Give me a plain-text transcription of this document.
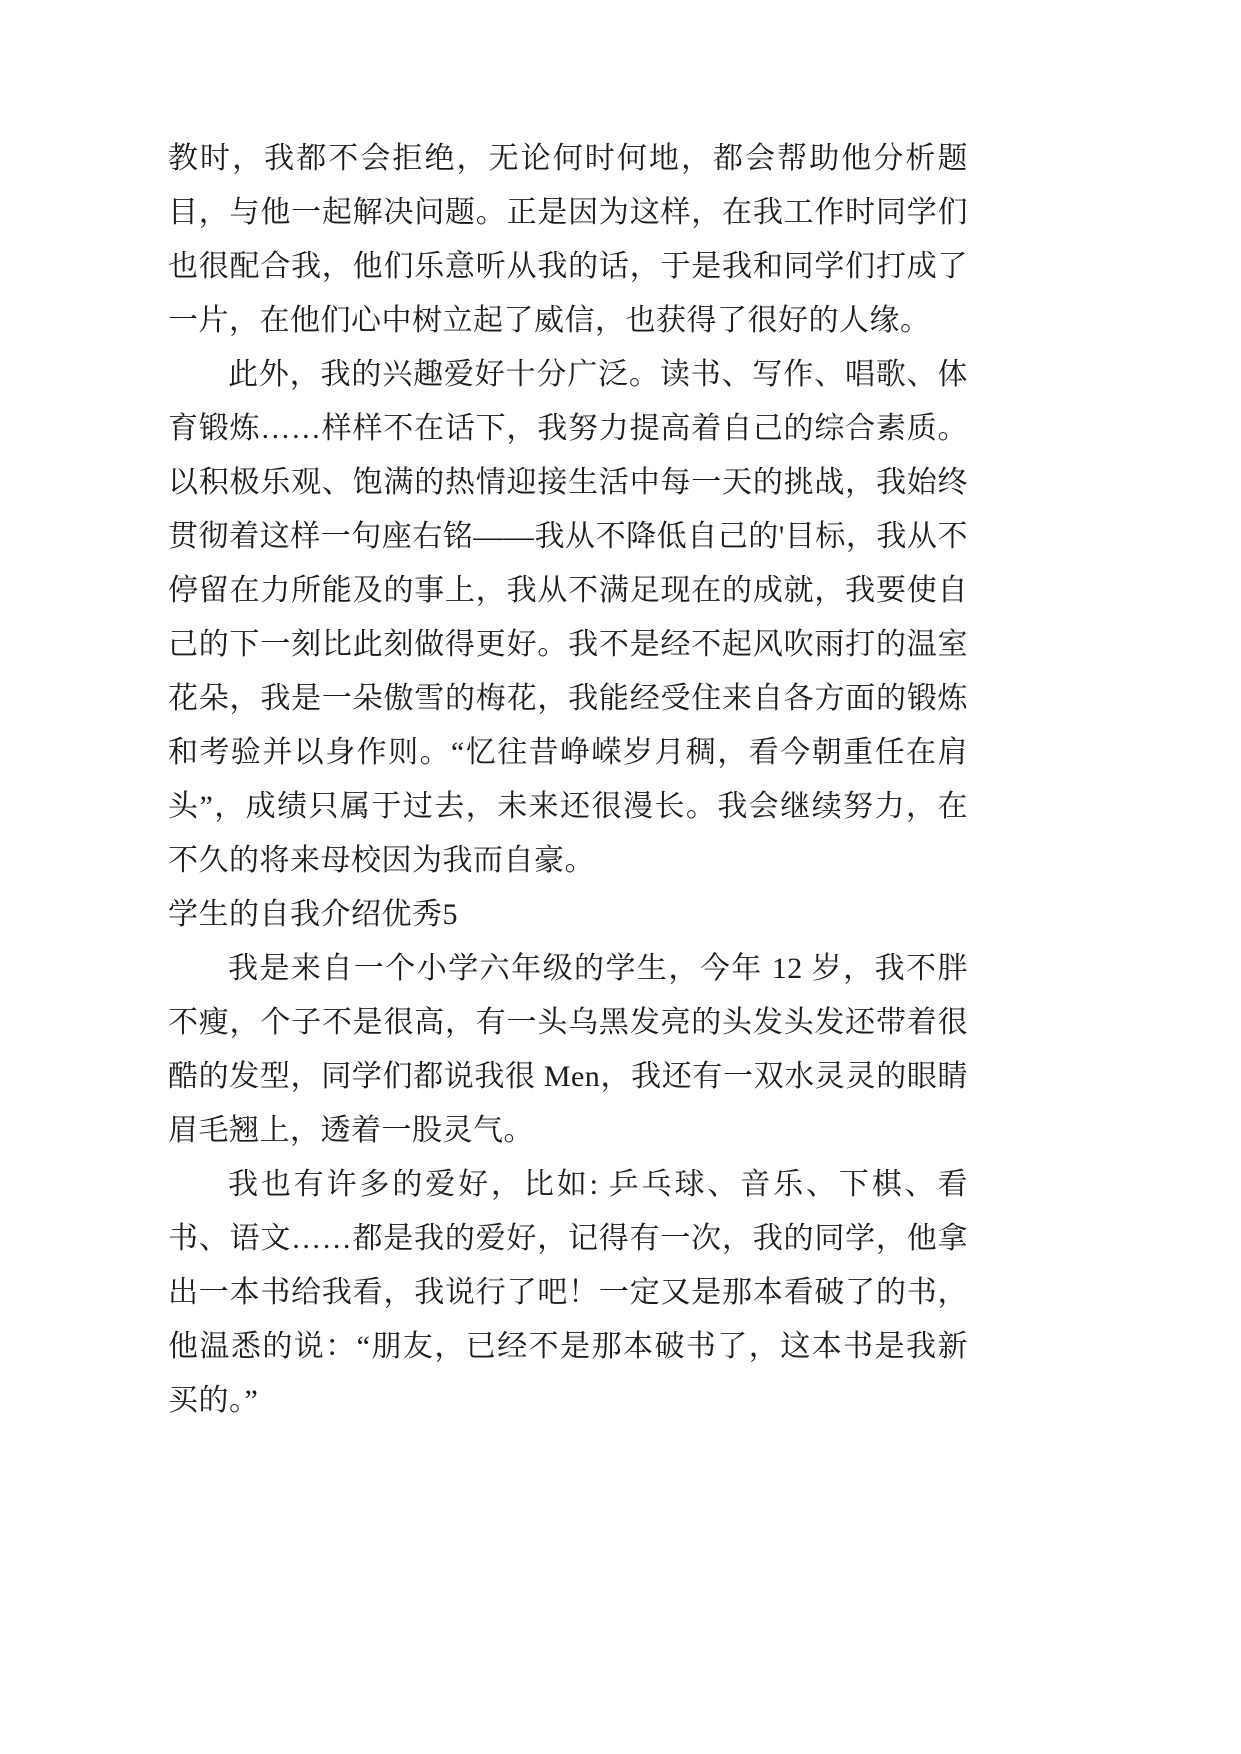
教时，我都不会拒绝，无论何时何地，都会帮助他分析题目，与他一起解决问题。正是因为这样，在我工作时同学们也很配合我，他们乐意听从我的话，于是我和同学们打成了一片，在他们心中树立起了威信，也获得了很好的人缘。

此外，我的兴趣爱好十分广泛。读书、写作、唱歌、体育锻炼……样样不在话下，我努力提高着自己的综合素质。以积极乐观、饱满的热情迎接生活中每一天的挑战，我始终贯彻着这样一句座右铭——我从不降低自己的'目标，我从不停留在力所能及的事上，我从不满足现在的成就，我要使自己的下一刻比此刻做得更好。我不是经不起风吹雨打的温室花朵，我是一朵傲雪的梅花，我能经受住来自各方面的锻炼和考验并以身作则。“忆往昔峥嵘岁月稠，看今朝重任在肩头”，成绩只属于过去，未来还很漫长。我会继续努力，在不久的将来母校因为我而自豪。

学生的自我介绍优秀5

我是来自一个小学六年级的学生，今年 12 岁，我不胖不瘦，个子不是很高，有一头乌黑发亮的头发头发还带着很酷的发型，同学们都说我很 Men，我还有一双水灵灵的眼睛眉毛翘上，透着一股灵气。

我也有许多的爱好，比如: 乒乓球、音乐、下棋、看书、语文……都是我的爱好，记得有一次，我的同学，他拿出一本书给我看，我说行了吧！一定又是那本看破了的书，他温悉的说：“朋友，已经不是那本破书了，这本书是我新买的。”
